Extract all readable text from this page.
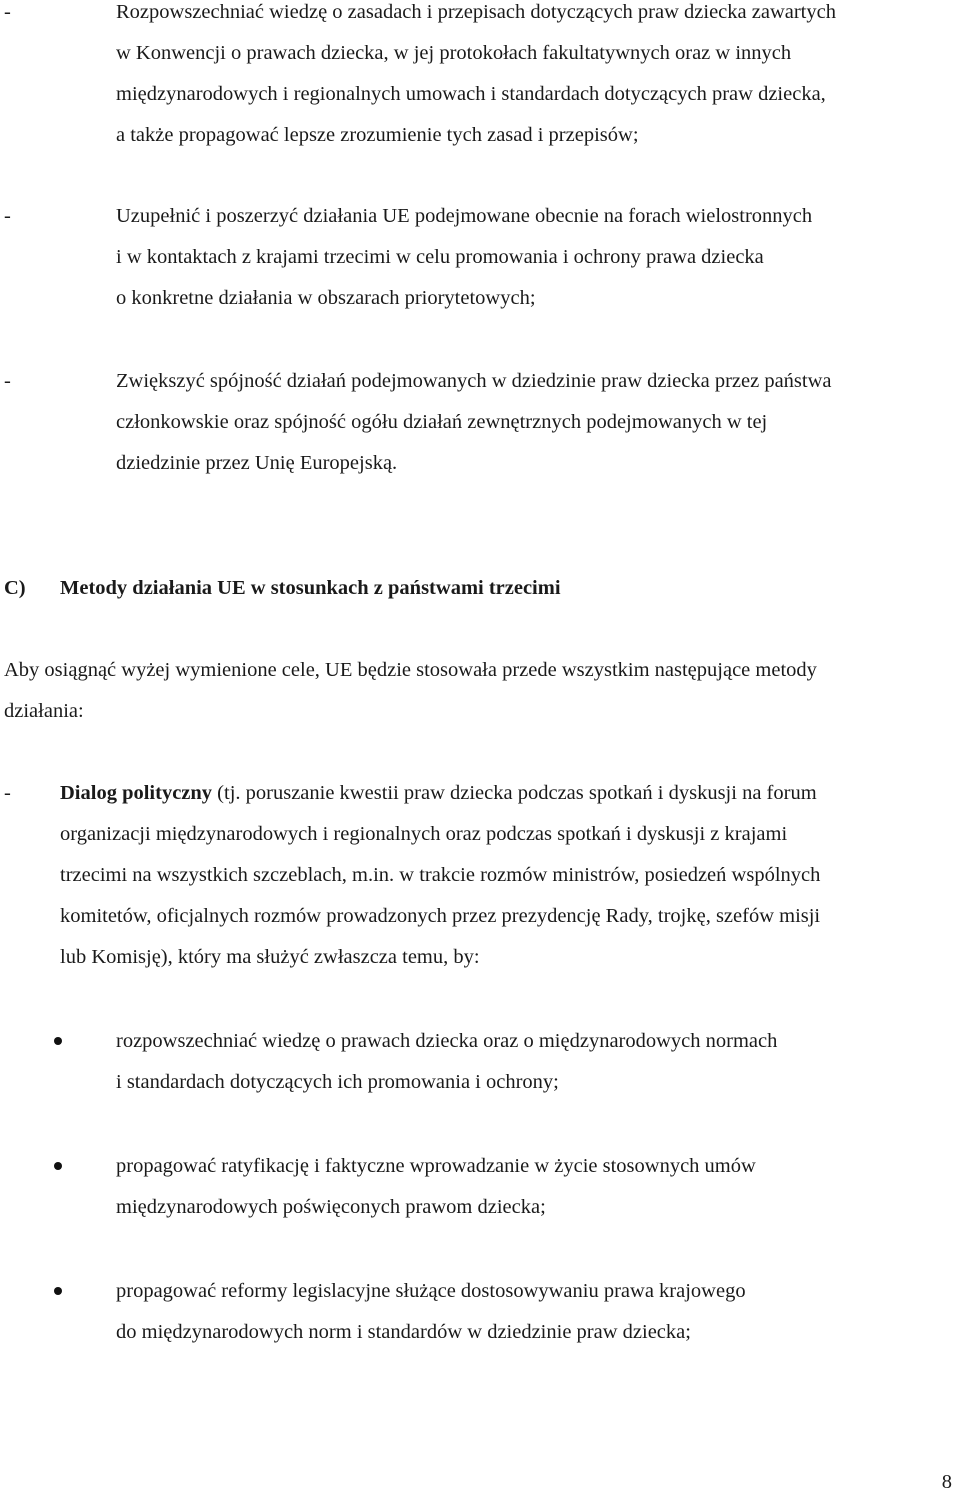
-	Rozpowszechniać wiedzę o zasadach i przepisach dotyczących praw dziecka zawartych
w Konwencji o prawach dziecka, w jej protokołach fakultatywnych oraz w innych
międzynarodowych i regionalnych umowach i standardach dotyczących praw dziecka,
a także propagować lepsze zrozumienie tych zasad i przepisów;
-	Uzupełnić i poszerzyć działania UE podejmowane obecnie na forach wielostronnych
i w kontaktach z krajami trzecimi w celu promowania i ochrony prawa dziecka
o konkretne działania w obszarach priorytetowych;
-	Zwiększyć spójność działań podejmowanych w dziedzinie praw dziecka przez państwa
członkowskie oraz spójność ogółu działań zewnętrznych podejmowanych w tej
dziedzinie przez Unię Europejską.
C) Metody działania UE w stosunkach z państwami trzecimi
Aby osiągnąć wyżej wymienione cele, UE będzie stosowała przede wszystkim następujące metody
działania:
- Dialog polityczny (tj. poruszanie kwestii praw dziecka podczas spotkań i dyskusji na forum
organizacji międzynarodowych i regionalnych oraz podczas spotkań i dyskusji z krajami
trzecimi na wszystkich szczeblach, m.in. w trakcie rozmów ministrów, posiedzeń wspólnych
komitetów, oficjalnych rozmów prowadzonych przez prezydencję Rady, trojkę, szefów misji
lub Komisję), który ma służyć zwłaszcza temu, by:
rozpowszechniać wiedzę o prawach dziecka oraz o międzynarodowych normach
i standardach dotyczących ich promowania i ochrony;
propagować ratyfikację i faktyczne wprowadzanie w życie stosownych umów
międzynarodowych poświęconych prawom dziecka;
propagować reformy legislacyjne służące dostosowywaniu prawa krajowego
do międzynarodowych norm i standardów w dziedzinie praw dziecka;
8
